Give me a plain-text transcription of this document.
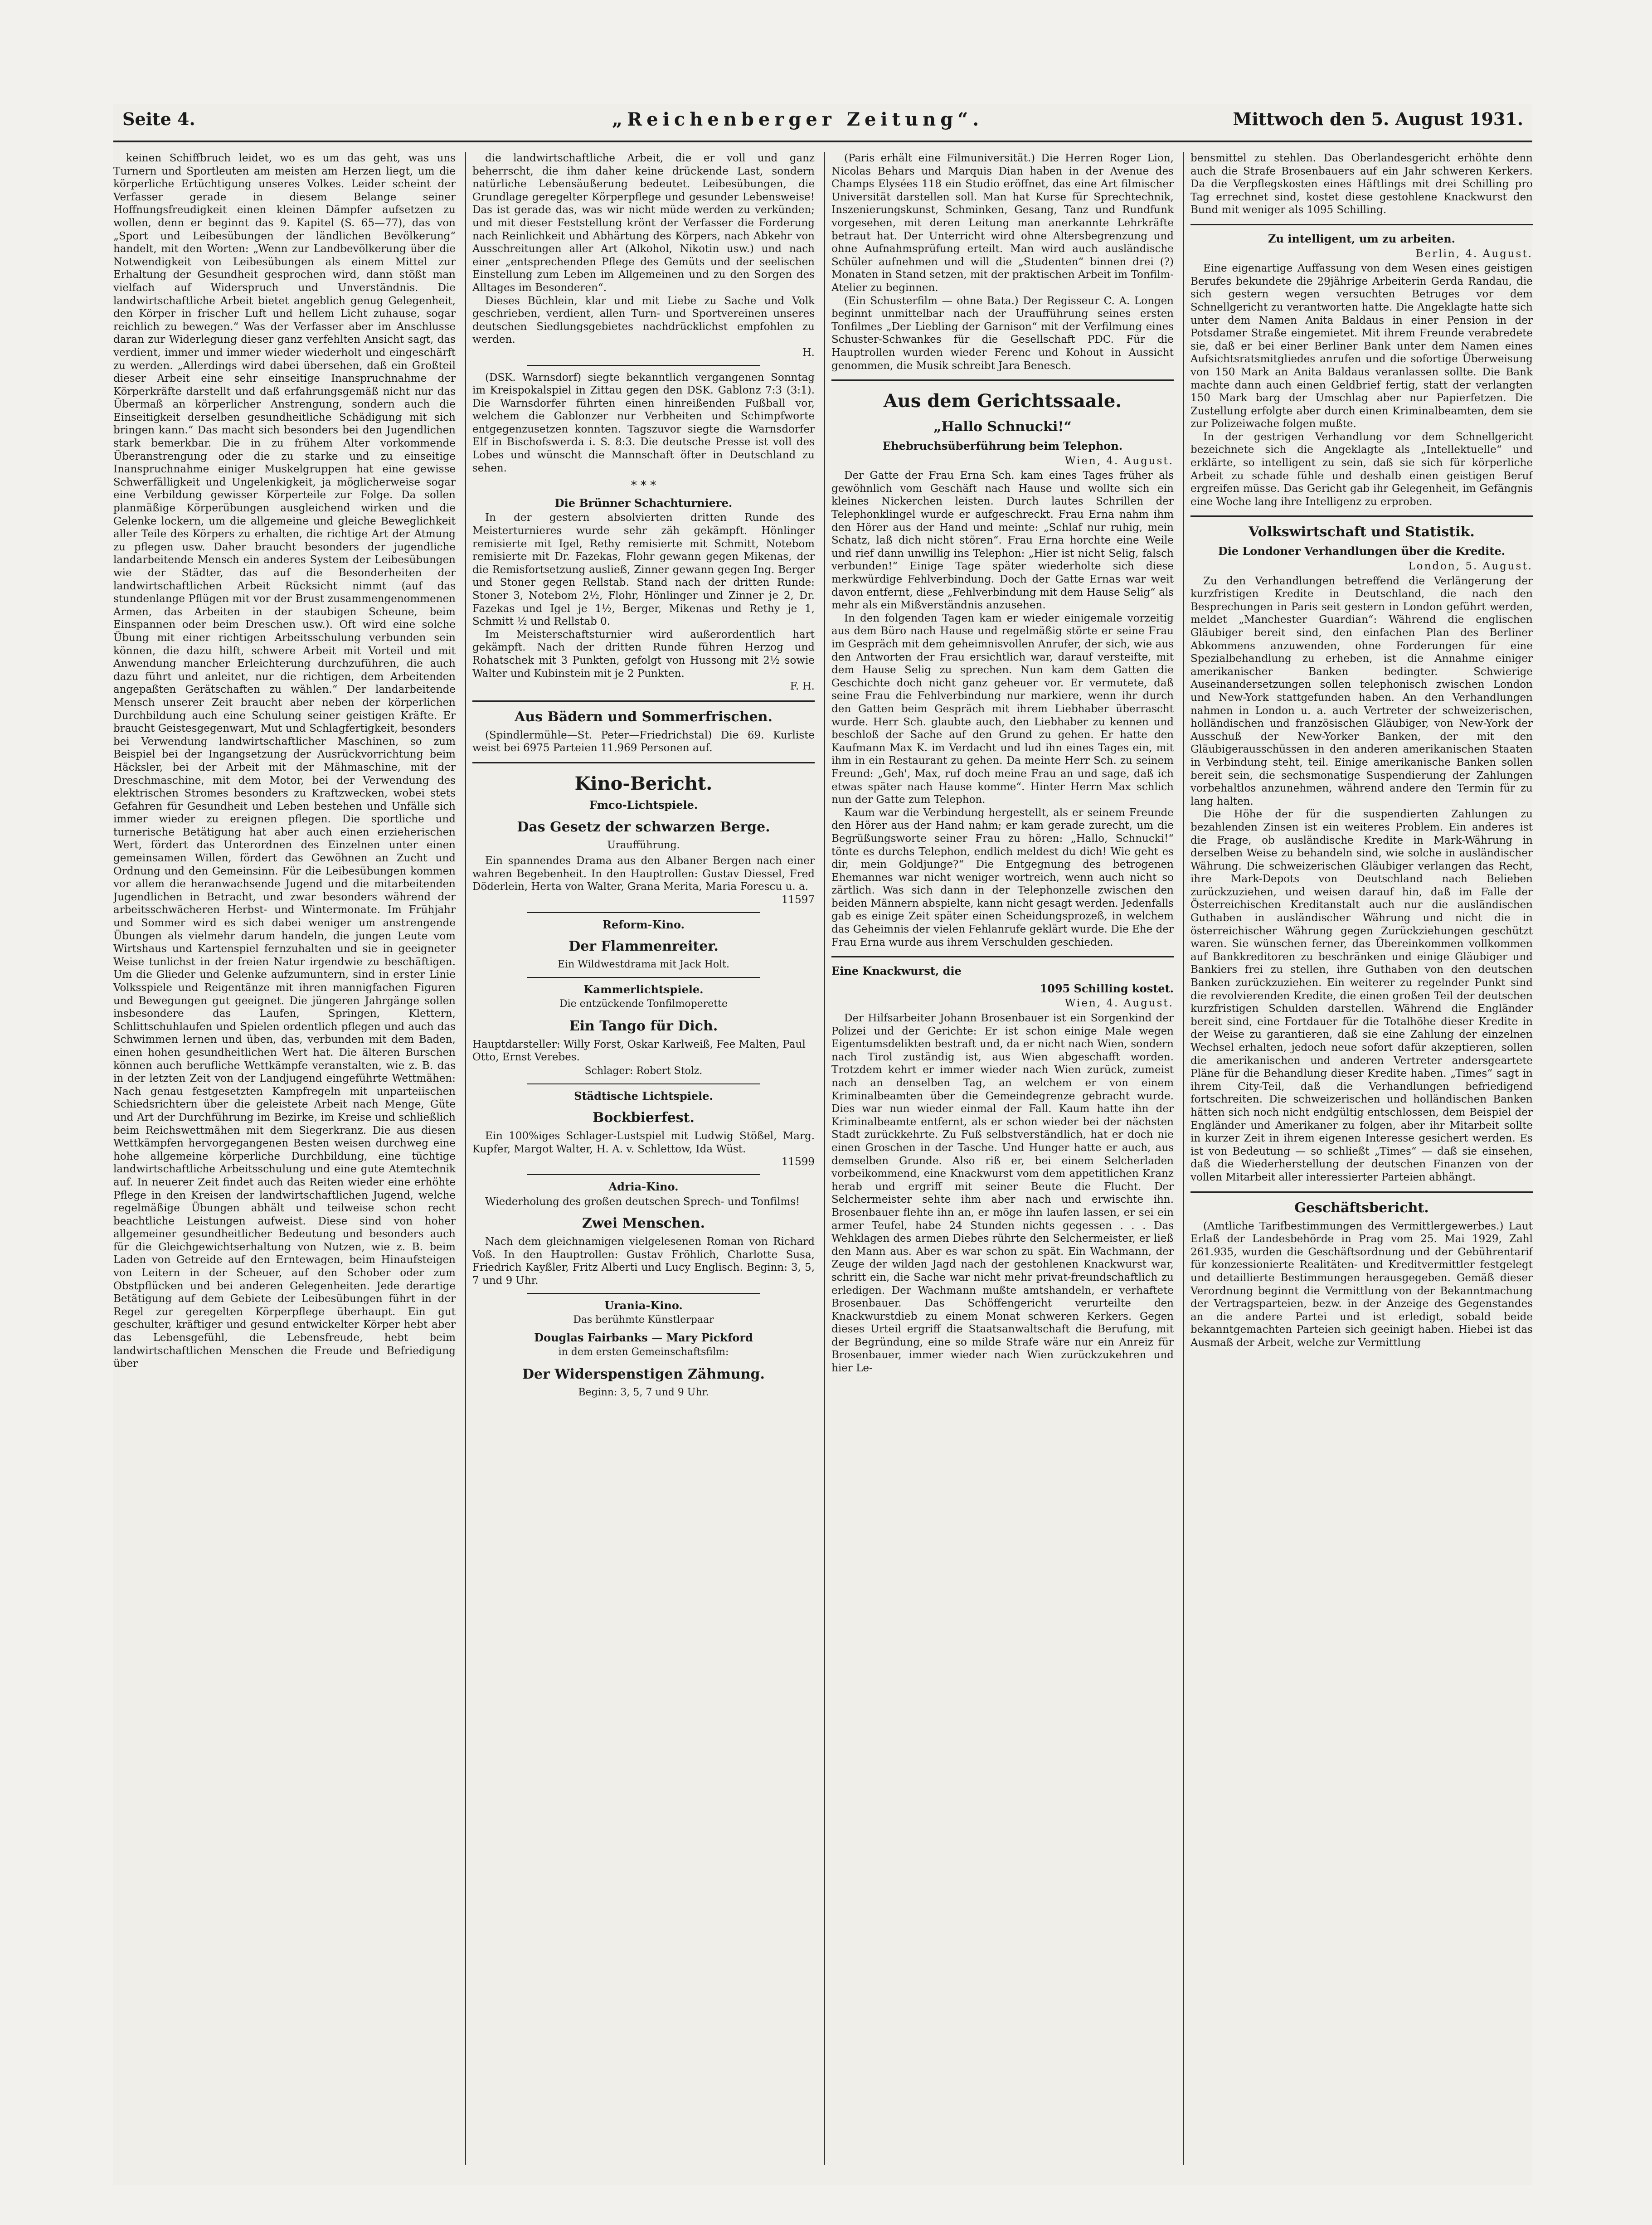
Seite 4.	„Reichenberger Zeitung“.	Mittwoch den 5. August 1931.

keinen Schiffbruch leidet, wo es um das geht, was uns Turnern und Sportleuten am meisten am Herzen liegt, um die körperliche Ertüchtigung unseres Volkes. Leider scheint der Verfasser gerade in diesem Belange seiner Hoffnungsfreudigkeit einen kleinen Dämpfer aufsetzen zu wollen, denn er beginnt das 9. Kapitel (S. 65—77), das von „Sport und Leibesübungen der ländlichen Bevölkerung“ handelt, mit den Worten: „Wenn zur Landbevölkerung über die Notwendigkeit von Leibesübungen als einem Mittel zur Erhaltung der Gesundheit gesprochen wird, dann stößt man vielfach auf Widerspruch und Unverständnis. Die landwirtschaftliche Arbeit bietet angeblich genug Gelegenheit, den Körper in frischer Luft und hellem Licht zuhause, sogar reichlich zu bewegen.“ Was der Verfasser aber im Anschlusse daran zur Widerlegung dieser ganz verfehlten Ansicht sagt, das verdient, immer und immer wieder wiederholt und eingeschärft zu werden. „Allerdings wird dabei übersehen, daß ein Großteil dieser Arbeit eine sehr einseitige Inanspruchnahme der Körperkräfte darstellt und daß erfahrungsgemäß nicht nur das Übermaß an körperlicher Anstrengung, sondern auch die Einseitigkeit derselben gesundheitliche Schädigung mit sich bringen kann.“ Das macht sich besonders bei den Jugendlichen stark bemerkbar. Die in zu frühem Alter vorkommende Überanstrengung oder die zu starke und zu einseitige Inanspruchnahme einiger Muskelgruppen hat eine gewisse Schwerfälligkeit und Ungelenkigkeit, ja möglicherweise sogar eine Verbildung gewisser Körperteile zur Folge. Da sollen planmäßige Körperübungen ausgleichend wirken und die Gelenke lockern, um die allgemeine und gleiche Beweglichkeit aller Teile des Körpers zu erhalten, die richtige Art der Atmung zu pflegen usw. Daher braucht besonders der jugendliche landarbeitende Mensch ein anderes System der Leibesübungen wie der Städter, das auf die Besonderheiten der landwirtschaftlichen Arbeit Rücksicht nimmt (auf das stundenlange Pflügen mit vor der Brust zusammengenommenen Armen, das Arbeiten in der staubigen Scheune, beim Einspannen oder beim Dreschen usw.). Oft wird eine solche Übung mit einer richtigen Arbeitsschulung verbunden sein können, die dazu hilft, schwere Arbeit mit Vorteil und mit Anwendung mancher Erleichterung durchzuführen, die auch dazu führt und anleitet, nur die richtigen, dem Arbeitenden angepaßten Gerätschaften zu wählen.“ Der landarbeitende Mensch unserer Zeit braucht aber neben der körperlichen Durchbildung auch eine Schulung seiner geistigen Kräfte. Er braucht Geistesgegenwart, Mut und Schlagfertigkeit, besonders bei Verwendung landwirtschaftlicher Maschinen, so zum Beispiel bei der Ingangsetzung der Ausrückvorrichtung beim Häcksler, bei der Arbeit mit der Mähmaschine, mit der Dreschmaschine, mit dem Motor, bei der Verwendung des elektrischen Stromes besonders zu Kraftzwecken, wobei stets Gefahren für Gesundheit und Leben bestehen und Unfälle sich immer wieder zu ereignen pflegen. Die sportliche und turnerische Betätigung hat aber auch einen erzieherischen Wert, fördert das Unterordnen des Einzelnen unter einen gemeinsamen Willen, fördert das Gewöhnen an Zucht und Ordnung und den Gemeinsinn. Für die Leibesübungen kommen vor allem die heranwachsende Jugend und die mitarbeitenden Jugendlichen in Betracht, und zwar besonders während der arbeitsschwächeren Herbst- und Wintermonate. Im Frühjahr und Sommer wird es sich dabei weniger um anstrengende Übungen als vielmehr darum handeln, die jungen Leute vom Wirtshaus und Kartenspiel fernzuhalten und sie in geeigneter Weise tunlichst in der freien Natur irgendwie zu beschäftigen. Um die Glieder und Gelenke aufzumuntern, sind in erster Linie Volksspiele und Reigentänze mit ihren mannigfachen Figuren und Bewegungen gut geeignet. Die jüngeren Jahrgänge sollen insbesondere das Laufen, Springen, Klettern, Schlittschuhlaufen und Spielen ordentlich pflegen und auch das Schwimmen lernen und üben, das, verbunden mit dem Baden, einen hohen gesundheitlichen Wert hat. Die älteren Burschen können auch berufliche Wettkämpfe veranstalten, wie z. B. das in der letzten Zeit von der Landjugend eingeführte Wettmähen: Nach genau festgesetzten Kampfregeln mit unparteiischen Schiedsrichtern über die geleistete Arbeit nach Menge, Güte und Art der Durchführung im Bezirke, im Kreise und schließlich beim Reichswettmähen mit dem Siegerkranz. Die aus diesen Wettkämpfen hervorgegangenen Besten weisen durchweg eine hohe allgemeine körperliche Durchbildung, eine tüchtige landwirtschaftliche Arbeitsschulung und eine gute Atemtechnik auf. In neuerer Zeit findet auch das Reiten wieder eine erhöhte Pflege in den Kreisen der landwirtschaftlichen Jugend, welche regelmäßige Übungen abhält und teilweise schon recht beachtliche Leistungen aufweist. Diese sind von hoher allgemeiner gesundheitlicher Bedeutung und besonders auch für die Gleichgewichtserhaltung von Nutzen, wie z. B. beim Laden von Getreide auf den Erntewagen, beim Hinaufsteigen von Leitern in der Scheuer, auf den Schober oder zum Obstpflücken und bei anderen Gelegenheiten. Jede derartige Betätigung auf dem Gebiete der Leibesübungen führt in der Regel zur geregelten Körperpflege überhaupt. Ein gut geschulter, kräftiger und gesund entwickelter Körper hebt aber das Lebensgefühl, die Lebensfreude, hebt beim landwirtschaftlichen Menschen die Freude und Befriedigung über

die landwirtschaftliche Arbeit, die er voll und ganz beherrscht, die ihm daher keine drückende Last, sondern natürliche Lebensäußerung bedeutet. Leibesübungen, die Grundlage geregelter Körperpflege und gesunder Lebensweise! Das ist gerade das, was wir nicht müde werden zu verkünden; und mit dieser Feststellung krönt der Verfasser die Forderung nach Reinlichkeit und Abhärtung des Körpers, nach Abkehr von Ausschreitungen aller Art (Alkohol, Nikotin usw.) und nach einer „entsprechenden Pflege des Gemüts und der seelischen Einstellung zum Leben im Allgemeinen und zu den Sorgen des Alltages im Besonderen“.

Dieses Büchlein, klar und mit Liebe zu Sache und Volk geschrieben, verdient, allen Turn- und Sportvereinen unseres deutschen Siedlungsgebietes nachdrücklichst empfohlen zu werden.

H.

(DSK. Warnsdorf) siegte bekanntlich vergangenen Sonntag im Kreispokalspiel in Zittau gegen den DSK. Gablonz 7:3 (3:1). Die Warnsdorfer führten einen hinreißenden Fußball vor, welchem die Gablonzer nur Verbheiten und Schimpfworte entgegenzusetzen konnten. Tagszuvor siegte die Warnsdorfer Elf in Bischofswerda i. S. 8:3. Die deutsche Presse ist voll des Lobes und wünscht die Mannschaft öfter in Deutschland zu sehen.

* * *
Die Brünner Schachturniere.

In der gestern absolvierten dritten Runde des Meisterturnieres wurde sehr zäh gekämpft. Hönlinger remisierte mit Igel, Rethy remisierte mit Schmitt, Notebom remisierte mit Dr. Fazekas, Flohr gewann gegen Mikenas, der die Remisfortsetzung ausließ, Zinner gewann gegen Ing. Berger und Stoner gegen Rellstab. Stand nach der dritten Runde: Stoner 3, Notebom 2½, Flohr, Hönlinger und Zinner je 2, Dr. Fazekas und Igel je 1½, Berger, Mikenas und Rethy je 1, Schmitt ½ und Rellstab 0.

Im Meisterschaftsturnier wird außerordentlich hart gekämpft. Nach der dritten Runde führen Herzog und Rohatschek mit 3 Punkten, gefolgt von Hussong mit 2½ sowie Walter und Kubinstein mit je 2 Punkten.

F. H.
Aus Bädern und Sommerfrischen.

(Spindlermühle—St. Peter—Friedrichstal) Die 69. Kurliste weist bei 6975 Parteien 11.969 Personen auf.

Kino-Bericht.
Fmco-Lichtspiele.
Das Gesetz der schwarzen Berge.
Uraufführung.

Ein spannendes Drama aus den Albaner Bergen nach einer wahren Begebenheit. In den Hauptrollen: Gustav Diessel, Fred Döderlein, Herta von Walter, Grana Merita, Maria Forescu u. a.

11597
Reform-Kino.
Der Flammenreiter.
Ein Wildwestdrama mit Jack Holt.
Kammerlichtspiele.
Die entzückende Tonfilmoperette
Ein Tango für Dich.

Hauptdarsteller: Willy Forst, Oskar Karlweiß, Fee Malten, Paul Otto, Ernst Verebes.

Schlager: Robert Stolz.
Städtische Lichtspiele.
Bockbierfest.

Ein 100%iges Schlager-Lustspiel mit Ludwig Stößel, Marg. Kupfer, Margot Walter, H. A. v. Schlettow, Ida Wüst.

11599
Adria-Kino.

Wiederholung des großen deutschen Sprech- und Tonfilms!

Zwei Menschen.

Nach dem gleichnamigen vielgelesenen Roman von Richard Voß. In den Hauptrollen: Gustav Fröhlich, Charlotte Susa, Friedrich Kayßler, Fritz Alberti und Lucy Englisch. Beginn: 3, 5, 7 und 9 Uhr.

Urania-Kino.
Das berühmte Künstlerpaar
Douglas Fairbanks — Mary Pickford
in dem ersten Gemeinschaftsfilm:
Der Widerspenstigen Zähmung.
Beginn: 3, 5, 7 und 9 Uhr.

(Paris erhält eine Filmuniversität.) Die Herren Roger Lion, Nicolas Behars und Marquis Dian haben in der Avenue des Champs Elysées 118 ein Studio eröffnet, das eine Art filmischer Universität darstellen soll. Man hat Kurse für Sprechtechnik, Inszenierungskunst, Schminken, Gesang, Tanz und Rundfunk vorgesehen, mit deren Leitung man anerkannte Lehrkräfte betraut hat. Der Unterricht wird ohne Altersbegrenzung und ohne Aufnahmsprüfung erteilt. Man wird auch ausländische Schüler aufnehmen und will die „Studenten“ binnen drei (?) Monaten in Stand setzen, mit der praktischen Arbeit im Tonfilm-Atelier zu beginnen.

(Ein Schusterfilm — ohne Bata.) Der Regisseur C. A. Longen beginnt unmittelbar nach der Uraufführung seines ersten Tonfilmes „Der Liebling der Garnison“ mit der Verfilmung eines Schuster-Schwankes für die Gesellschaft PDC. Für die Hauptrollen wurden wieder Ferenc und Kohout in Aussicht genommen, die Musik schreibt Jara Benesch.

Aus dem Gerichtssaale.
„Hallo Schnucki!“
Ehebruchsüberführung beim Telephon.
Wien, 4. August.

Der Gatte der Frau Erna Sch. kam eines Tages früher als gewöhnlich vom Geschäft nach Hause und wollte sich ein kleines Nickerchen leisten. Durch lautes Schrillen der Telephonklingel wurde er aufgeschreckt. Frau Erna nahm ihm den Hörer aus der Hand und meinte: „Schlaf nur ruhig, mein Schatz, laß dich nicht stören“. Frau Erna horchte eine Weile und rief dann unwillig ins Telephon: „Hier ist nicht Selig, falsch verbunden!“ Einige Tage später wiederholte sich diese merkwürdige Fehlverbindung. Doch der Gatte Ernas war weit davon entfernt, diese „Fehlverbindung mit dem Hause Selig“ als mehr als ein Mißverständnis anzusehen.

In den folgenden Tagen kam er wieder einigemale vorzeitig aus dem Büro nach Hause und regelmäßig störte er seine Frau im Gespräch mit dem geheimnisvollen Anrufer, der sich, wie aus den Antworten der Frau ersichtlich war, darauf versteifte, mit dem Hause Selig zu sprechen. Nun kam dem Gatten die Geschichte doch nicht ganz geheuer vor. Er vermutete, daß seine Frau die Fehlverbindung nur markiere, wenn ihr durch den Gatten beim Gespräch mit ihrem Liebhaber überrascht wurde. Herr Sch. glaubte auch, den Liebhaber zu kennen und beschloß der Sache auf den Grund zu gehen. Er hatte den Kaufmann Max K. im Verdacht und lud ihn eines Tages ein, mit ihm in ein Restaurant zu gehen. Da meinte Herr Sch. zu seinem Freund: „Geh', Max, ruf doch meine Frau an und sage, daß ich etwas später nach Hause komme“. Hinter Herrn Max schlich nun der Gatte zum Telephon.

Kaum war die Verbindung hergestellt, als er seinem Freunde den Hörer aus der Hand nahm; er kam gerade zurecht, um die Begrüßungsworte seiner Frau zu hören: „Hallo, Schnucki!“ tönte es durchs Telephon, endlich meldest du dich! Wie geht es dir, mein Goldjunge?“ Die Entgegnung des betrogenen Ehemannes war nicht weniger wortreich, wenn auch nicht so zärtlich. Was sich dann in der Telephonzelle zwischen den beiden Männern abspielte, kann nicht gesagt werden. Jedenfalls gab es einige Zeit später einen Scheidungsprozeß, in welchem das Geheimnis der vielen Fehlanrufe geklärt wurde. Die Ehe der Frau Erna wurde aus ihrem Verschulden geschieden.

Eine Knackwurst, die
1095 Schilling kostet.
Wien, 4. August.

Der Hilfsarbeiter Johann Brosenbauer ist ein Sorgenkind der Polizei und der Gerichte: Er ist schon einige Male wegen Eigentumsdelikten bestraft und, da er nicht nach Wien, sondern nach Tirol zuständig ist, aus Wien abgeschafft worden. Trotzdem kehrt er immer wieder nach Wien zurück, zumeist nach an denselben Tag, an welchem er von einem Kriminalbeamten über die Gemeindegrenze gebracht wurde. Dies war nun wieder einmal der Fall. Kaum hatte ihn der Kriminalbeamte entfernt, als er schon wieder bei der nächsten Stadt zurückkehrte. Zu Fuß selbstverständlich, hat er doch nie einen Groschen in der Tasche. Und Hunger hatte er auch, aus demselben Grunde. Also riß er, bei einem Selcherladen vorbeikommend, eine Knackwurst vom dem appetitlichen Kranz herab und ergriff mit seiner Beute die Flucht. Der Selchermeister sehte ihm aber nach und erwischte ihn. Brosenbauer flehte ihn an, er möge ihn laufen lassen, er sei ein armer Teufel, habe 24 Stunden nichts gegessen . . . Das Wehklagen des armen Diebes rührte den Selchermeister, er ließ den Mann aus. Aber es war schon zu spät. Ein Wachmann, der Zeuge der wilden Jagd nach der gestohlenen Knackwurst war, schritt ein, die Sache war nicht mehr privat-freundschaftlich zu erledigen. Der Wachmann mußte amtshandeln, er verhaftete Brosenbauer. Das Schöffengericht verurteilte den Knackwurstdieb zu einem Monat schweren Kerkers. Gegen dieses Urteil ergriff die Staatsanwaltschaft die Berufung, mit der Begründung, eine so milde Strafe wäre nur ein Anreiz für Brosenbauer, immer wieder nach Wien zurückzukehren und hier Le-

bensmittel zu stehlen. Das Oberlandesgericht erhöhte denn auch die Strafe Brosenbauers auf ein Jahr schweren Kerkers. Da die Verpflegskosten eines Häftlings mit drei Schilling pro Tag errechnet sind, kostet diese gestohlene Knackwurst den Bund mit weniger als 1095 Schilling.

Zu intelligent, um zu arbeiten.
Berlin, 4. August.

Eine eigenartige Auffassung von dem Wesen eines geistigen Berufes bekundete die 29jährige Arbeiterin Gerda Randau, die sich gestern wegen versuchten Betruges vor dem Schnellgericht zu verantworten hatte. Die Angeklagte hatte sich unter dem Namen Anita Baldaus in einer Pension in der Potsdamer Straße eingemietet. Mit ihrem Freunde verabredete sie, daß er bei einer Berliner Bank unter dem Namen eines Aufsichtsratsmitgliedes anrufen und die sofortige Überweisung von 150 Mark an Anita Baldaus veranlassen sollte. Die Bank machte dann auch einen Geldbrief fertig, statt der verlangten 150 Mark barg der Umschlag aber nur Papierfetzen. Die Zustellung erfolgte aber durch einen Kriminalbeamten, dem sie zur Polizeiwache folgen mußte.

In der gestrigen Verhandlung vor dem Schnellgericht bezeichnete sich die Angeklagte als „Intellektuelle“ und erklärte, so intelligent zu sein, daß sie sich für körperliche Arbeit zu schade fühle und deshalb einen geistigen Beruf ergreifen müsse. Das Gericht gab ihr Gelegenheit, im Gefängnis eine Woche lang ihre Intelligenz zu erproben.

Volkswirtschaft und Statistik.
Die Londoner Verhandlungen über die Kredite.
London, 5. August.

Zu den Verhandlungen betreffend die Verlängerung der kurzfristigen Kredite in Deutschland, die nach den Besprechungen in Paris seit gestern in London geführt werden, meldet „Manchester Guardian“: Während die englischen Gläubiger bereit sind, den einfachen Plan des Berliner Abkommens anzuwenden, ohne Forderungen für eine Spezialbehandlung zu erheben, ist die Annahme einiger amerikanischer Banken bedingter. Schwierige Auseinandersetzungen sollen telephonisch zwischen London und New-York stattgefunden haben. An den Verhandlungen nahmen in London u. a. auch Vertreter der schweizerischen, holländischen und französischen Gläubiger, von New-York der Ausschuß der New-Yorker Banken, der mit den Gläubigerausschüssen in den anderen amerikanischen Staaten in Verbindung steht, teil. Einige amerikanische Banken sollen bereit sein, die sechsmonatige Suspendierung der Zahlungen vorbehaltlos anzunehmen, während andere den Termin für zu lang halten.

Die Höhe der für die suspendierten Zahlungen zu bezahlenden Zinsen ist ein weiteres Problem. Ein anderes ist die Frage, ob ausländische Kredite in Mark-Währung in derselben Weise zu behandeln sind, wie solche in ausländischer Währung. Die schweizerischen Gläubiger verlangen das Recht, ihre Mark-Depots von Deutschland nach Belieben zurückzuziehen, und weisen darauf hin, daß im Falle der Österreichischen Kreditanstalt auch nur die ausländischen Guthaben in ausländischer Währung und nicht die in österreichischer Währung gegen Zurückziehungen geschützt waren. Sie wünschen ferner, das Übereinkommen vollkommen auf Bankkreditoren zu beschränken und einige Gläubiger und Bankiers frei zu stellen, ihre Guthaben von den deutschen Banken zurückzuziehen. Ein weiterer zu regelnder Punkt sind die revolvierenden Kredite, die einen großen Teil der deutschen kurzfristigen Schulden darstellen. Während die Engländer bereit sind, eine Fortdauer für die Totalhöhe dieser Kredite in der Weise zu garantieren, daß sie eine Zahlung der einzelnen Wechsel erhalten, jedoch neue sofort dafür akzeptieren, sollen die amerikanischen und anderen Vertreter andersgeartete Pläne für die Behandlung dieser Kredite haben. „Times“ sagt in ihrem City-Teil, daß die Verhandlungen befriedigend fortschreiten. Die schweizerischen und holländischen Banken hätten sich noch nicht endgültig entschlossen, dem Beispiel der Engländer und Amerikaner zu folgen, aber ihr Mitarbeit sollte in kurzer Zeit in ihrem eigenen Interesse gesichert werden. Es ist von Bedeutung — so schließt „Times“ — daß sie einsehen, daß die Wiederherstellung der deutschen Finanzen von der vollen Mitarbeit aller interessierter Parteien abhängt.

Geschäftsbericht.

(Amtliche Tarifbestimmungen des Vermittlergewerbes.) Laut Erlaß der Landesbehörde in Prag vom 25. Mai 1929, Zahl 261.935, wurden die Geschäftsordnung und der Gebührentarif für konzessionierte Realitäten- und Kreditvermittler festgelegt und detaillierte Bestimmungen herausgegeben. Gemäß dieser Verordnung beginnt die Vermittlung von der Bekanntmachung der Vertragsparteien, bezw. in der Anzeige des Gegenstandes an die andere Partei und ist erledigt, sobald beide bekanntgemachten Parteien sich geeinigt haben. Hiebei ist das Ausmaß der Arbeit, welche zur Vermittlung
